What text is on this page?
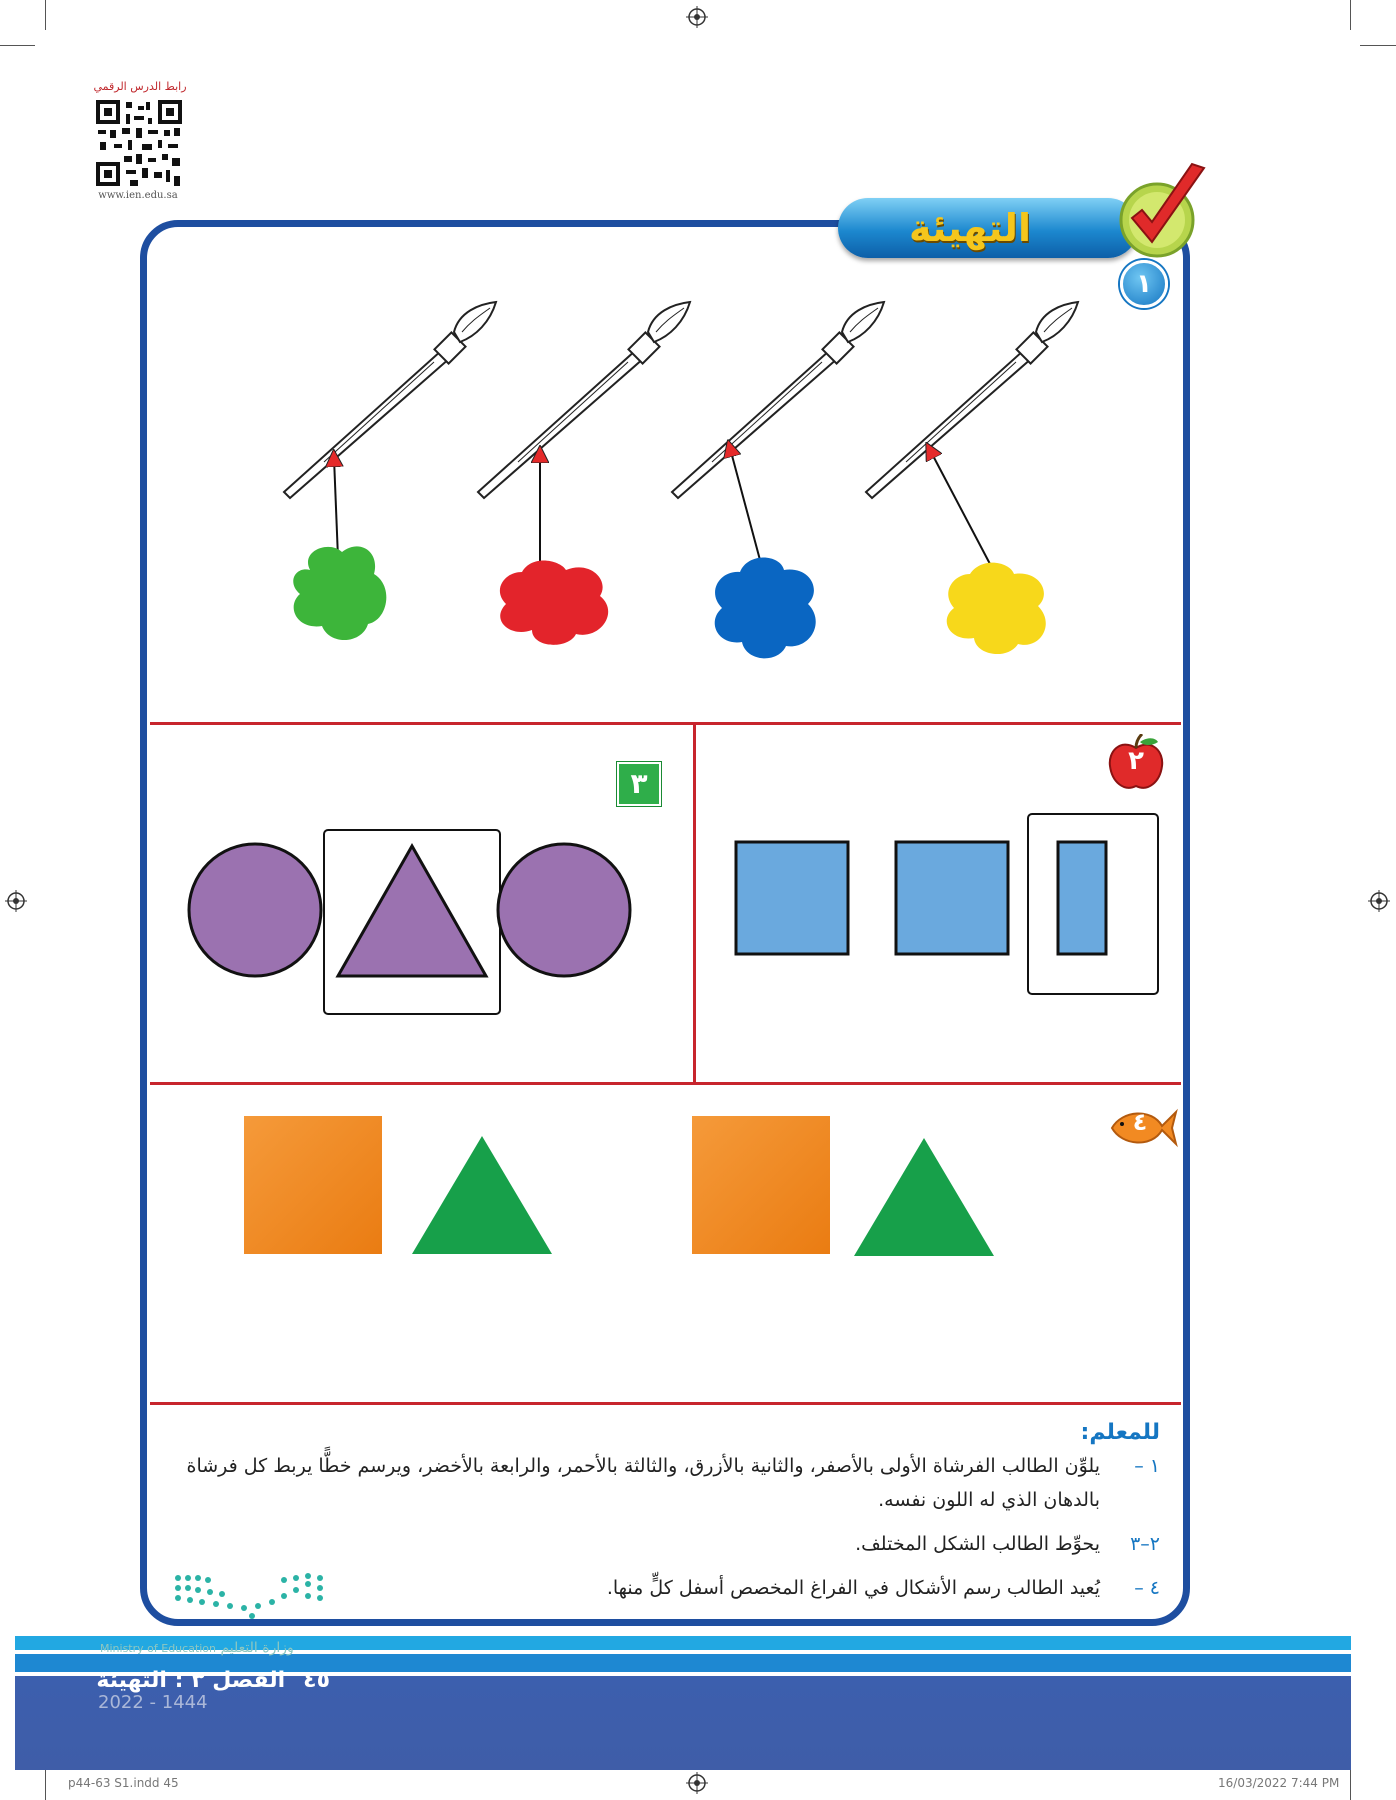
رابط الدرس الرقمي
www.ien.edu.sa
التهيئة
١
٢
٣
٤
للمعلم:
١ –
يلوِّن الطالب الفرشاة الأولى بالأصفر، والثانية بالأزرق، والثالثة بالأحمر، والرابعة بالأخضر، ويرسم خطًّا يربط كل فرشاة بالدهان الذي له اللون نفسه.
٢–٣
يحوِّط الطالب الشكل المختلف.
٤ –
يُعيد الطالب رسم الأشكال في الفراغ المخصص أسفل كلٍّ منها.
وزارة التعليم Ministry of Education
٤٥الفصل ٣ : التهيئة
2022 - 1444
p44-63 S1.indd 45	16/03/2022 7:44 PM
